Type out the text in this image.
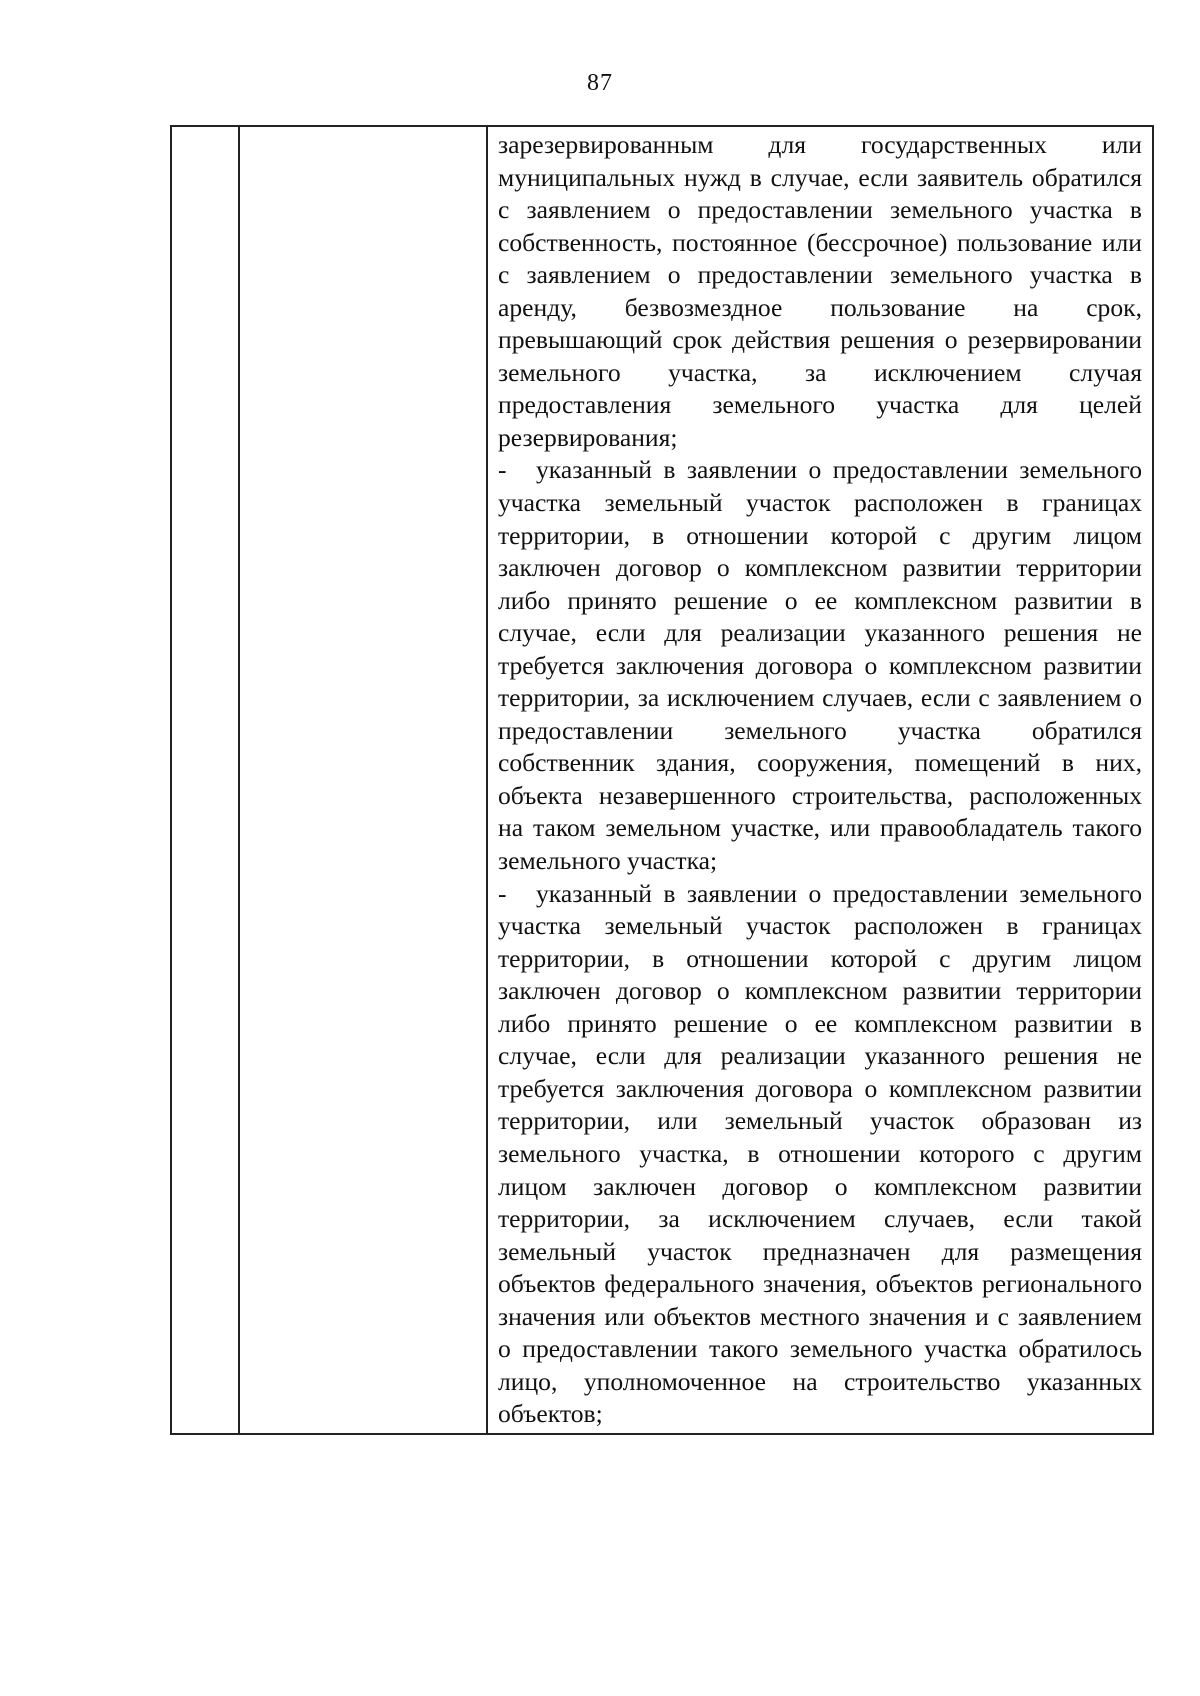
87

зарезервированным для государственных или муниципальных нужд в случае, если заявитель обратился с заявлением о предоставлении земельного участка в собственность, постоянное (бессрочное) пользование или с заявлением о предоставлении земельного участка в аренду, безвозмездное пользование на срок, превышающий срок действия решения о резервировании земельного участка, за исключением случая предоставления земельного участка для целей резервирования;

- указанный в заявлении о предоставлении земельного участка земельный участок расположен в границах территории, в отношении которой с другим лицом заключен договор о комплексном развитии территории либо принято решение о ее комплексном развитии в случае, если для реализации указанного решения не требуется заключения договора о комплексном развитии территории, за исключением случаев, если с заявлением о предоставлении земельного участка обратился собственник здания, сооружения, помещений в них, объекта незавершенного строительства, расположенных на таком земельном участке, или правообладатель такого земельного участка;

- указанный в заявлении о предоставлении земельного участка земельный участок расположен в границах территории, в отношении которой с другим лицом заключен договор о комплексном развитии территории либо принято решение о ее комплексном развитии в случае, если для реализации указанного решения не требуется заключения договора о комплексном развитии территории, или земельный участок образован из земельного участка, в отношении которого с другим лицом заключен договор о комплексном развитии территории, за исключением случаев, если такой земельный участок предназначен для размещения объектов федерального значения, объектов регионального значения или объектов местного значения и с заявлением о предоставлении такого земельного участка обратилось лицо, уполномоченное на строительство указанных объектов;
